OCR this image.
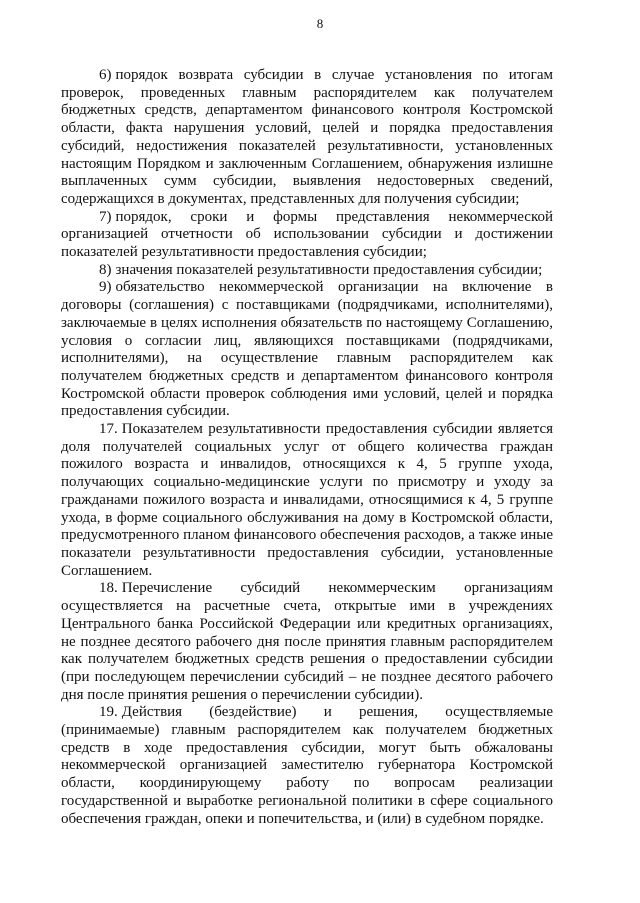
8

6) порядок возврата субсидии в случае установления по итогам проверок, проведенных главным распорядителем как получателем бюджетных средств, департаментом финансового контроля Костромской области, факта нарушения условий, целей и порядка предоставления субсидий, недостижения показателей результативности, установленных настоящим Порядком и заключенным Соглашением, обнаружения излишне выплаченных сумм субсидии, выявления недостоверных сведений, содержащихся в документах, представленных для получения субсидии;

7) порядок, сроки и формы представления некоммерческой организацией отчетности об использовании субсидии и достижении показателей результативности предоставления субсидии;

8) значения показателей результативности предоставления субсидии;

9) обязательство некоммерческой организации на включение в договоры (соглашения) с поставщиками (подрядчиками, исполнителями), заключаемые в целях исполнения обязательств по настоящему Соглашению, условия о согласии лиц, являющихся поставщиками (подрядчиками, исполнителями), на осуществление главным распорядителем как получателем бюджетных средств и департаментом финансового контроля Костромской области проверок соблюдения ими условий, целей и порядка предоставления субсидии.

17. Показателем результативности предоставления субсидии является доля получателей социальных услуг от общего количества граждан пожилого возраста и инвалидов, относящихся к 4, 5 группе ухода, получающих социально-медицинские услуги по присмотру и уходу за гражданами пожилого возраста и инвалидами, относящимися к 4, 5 группе ухода, в форме социального обслуживания на дому в Костромской области, предусмотренного планом финансового обеспечения расходов, а также иные показатели результативности предоставления субсидии, установленные Соглашением.

18. Перечисление субсидий некоммерческим организациям осуществляется на расчетные счета, открытые ими в учреждениях Центрального банка Российской Федерации или кредитных организациях, не позднее десятого рабочего дня после принятия главным распорядителем как получателем бюджетных средств решения о предоставлении субсидии (при последующем перечислении субсидий – не позднее десятого рабочего дня после принятия решения о перечислении субсидии).

19. Действия (бездействие) и решения, осуществляемые (принимаемые) главным распорядителем как получателем бюджетных средств в ходе предоставления субсидии, могут быть обжалованы некоммерческой организацией заместителю губернатора Костромской области, координирующему работу по вопросам реализации государственной и выработке региональной политики в сфере социального обеспечения граждан, опеки и попечительства, и (или) в судебном порядке.
